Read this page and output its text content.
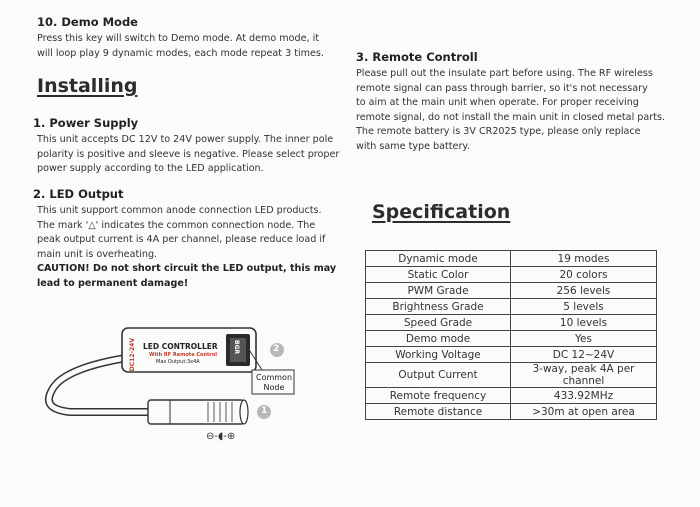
10. Demo Mode
Press this key will switch to Demo mode. At demo mode, it
will loop play 9 dynamic modes, each mode repeat 3 times.
Installing
1. Power Supply
This unit accepts DC 12V to 24V power supply. The inner pole
polarity is positive and sleeve is negative. Please select proper
power supply according to the LED application.
2. LED Output
This unit support common anode connection LED products.
The mark '△' indicates the common connection node. The
peak output current is 4A per channel, please reduce load if
main unit is overheating.
CAUTION! Do not short circuit the LED output, this may
lead to permanent damage!
DC12-24V LED CONTROLLER
With RF Remote Control
Max Output:3x4A
BGR
Common
Node
2
1
⊖-◖-⊕
3. Remote Controll
Please pull out the insulate part before using. The RF wireless
remote signal can pass through barrier, so it's not necessary
to aim at the main unit when operate. For proper receiving
remote signal, do not install the main unit in closed metal parts.
The remote battery is 3V CR2025 type, please only replace
with same type battery.
Specification
Dynamic mode	19 modes
Static Color	20 colors
PWM Grade	256 levels
Brightness Grade	5 levels
Speed Grade	10 levels
Demo mode	Yes
Working Voltage	DC 12~24V
Output Current	3-way, peak 4A per channel
Remote frequency	433.92MHz
Remote distance	>30m at open area
